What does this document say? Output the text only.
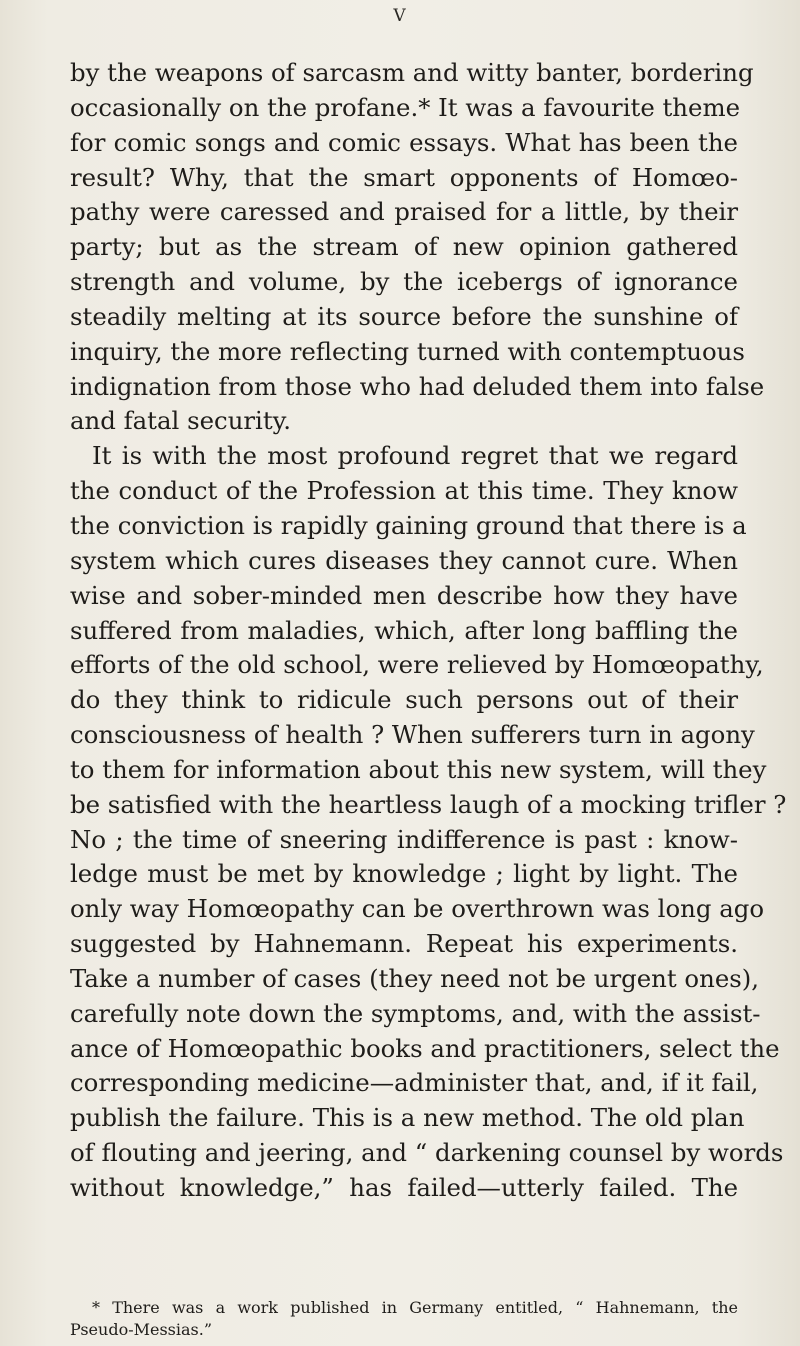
V
by the weapons of sarcasm and witty banter, bordering
occasionally on the profane.* It was a favourite theme
for comic songs and comic essays. What has been the
result? Why, that the smart opponents of Homœo-
pathy were caressed and praised for a little, by their
party; but as the stream of new opinion gathered
strength and volume, by the icebergs of ignorance
steadily melting at its source before the sunshine of
inquiry, the more reflecting turned with contemptuous
indignation from those who had deluded them into false
and fatal security.
It is with the most profound regret that we regard
the conduct of the Profession at this time. They know
the conviction is rapidly gaining ground that there is a
system which cures diseases they cannot cure. When
wise and sober-minded men describe how they have
suffered from maladies, which, after long baffling the
efforts of the old school, were relieved by Homœopathy,
do they think to ridicule such persons out of their
consciousness of health ? When sufferers turn in agony
to them for information about this new system, will they
be satisfied with the heartless laugh of a mocking trifler ?
No ; the time of sneering indifference is past : know-
ledge must be met by knowledge ; light by light. The
only way Homœopathy can be overthrown was long ago
suggested by Hahnemann. Repeat his experiments.
Take a number of cases (they need not be urgent ones),
carefully note down the symptoms, and, with the assist-
ance of Homœopathic books and practitioners, select the
corresponding medicine—administer that, and, if it fail,
publish the failure. This is a new method. The old plan
of flouting and jeering, and “ darkening counsel by words
without knowledge,” has failed—utterly failed. The
* There was a work published in Germany entitled, “ Hahnemann, the
Pseudo-Messias.”
